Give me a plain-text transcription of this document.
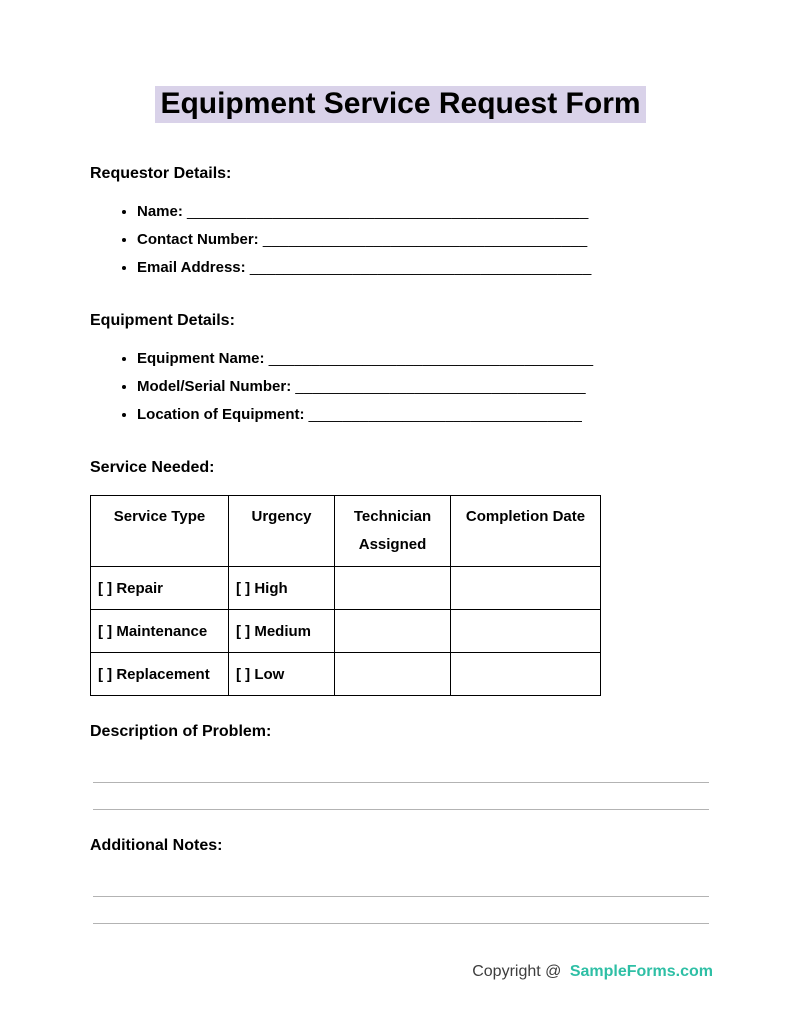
Equipment Service Request Form
Requestor Details:
• Name: _______________________________________________
• Contact Number: ______________________________________
• Email Address: ________________________________________
Equipment Details:
• Equipment Name: ______________________________________
• Model/Serial Number: __________________________________
• Location of Equipment: ________________________________
Service Needed:
Service Type	Urgency	Technician Assigned	Completion Date
[ ] Repair	[ ] High		
[ ] Maintenance	[ ] Medium		
[ ] Replacement	[ ] Low		
Description of Problem:
Additional Notes:
Copyright @ SampleForms.com
